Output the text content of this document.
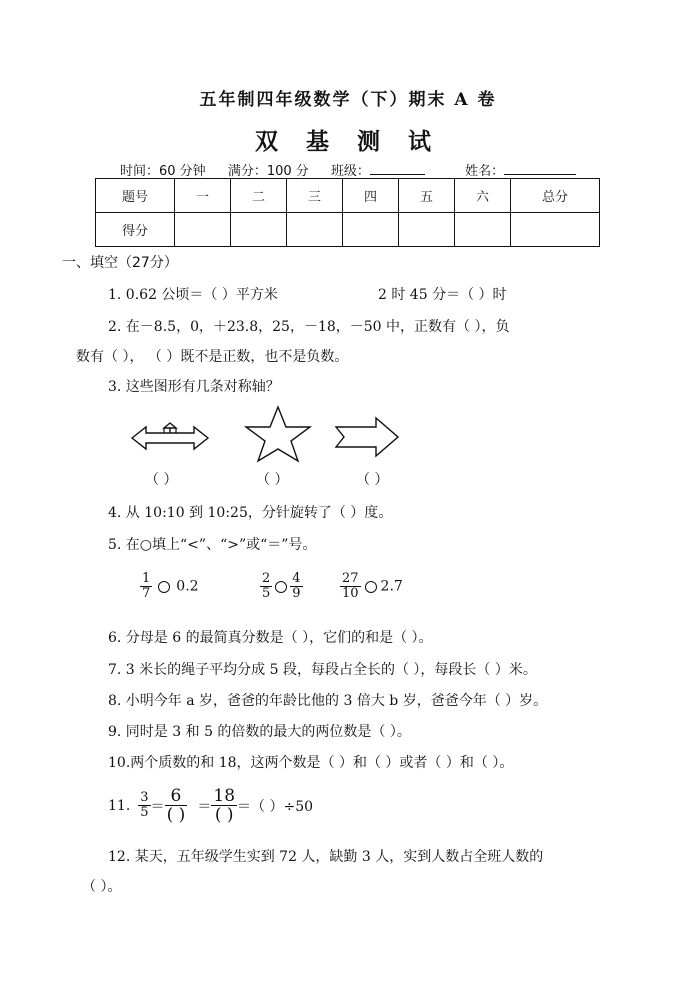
五年制四年级数学（下）期末 A 卷
双 基 测 试
时间：60 分钟 满分：100 分 班级：	姓名：
题号	一	二	三	四	五	六	总分
得分							
一、填空（27分）
1. 0.62 公顷＝（ ）平方米	2 时 45 分＝（ ）时
2. 在－8.5，0，＋23.8，25，－18，－50 中，正数有（ ），负
数有（ ）， （ ）既不是正数，也不是负数。
3. 这些图形有几条对称轴？
（ ）	（ ）	（ ）
4. 从 10:10 到 10:25，分针旋转了（ ）度。
5. 在○填上“<”、“>”或“＝”号。
$\frac{1}{7} 0.2$	$\frac{2}{5} \frac{4}{9}$	$\frac{27}{10} 2.7$
6. 分母是 6 的最简真分数是（ ），它们的和是（ ）。
7. 3 米长的绳子平均分成 5 段，每段占全长的（ ），每段长（ ）米。
8. 小明今年 a 岁，爸爸的年龄比他的 3 倍大 b 岁，爸爸今年（ ）岁。
9. 同时是 3 和 5 的倍数的最大的两位数是（ ）。
10.两个质数的和 18，这两个数是（ ）和（ ）或者（ ）和（ ）。
11. $\frac{3}{5} = \frac{6}{( )} = \frac{18}{( )}$ ＝（ ）÷50
12. 某天，五年级学生实到 72 人，缺勤 3 人，实到人数占全班人数的
（ ）。
